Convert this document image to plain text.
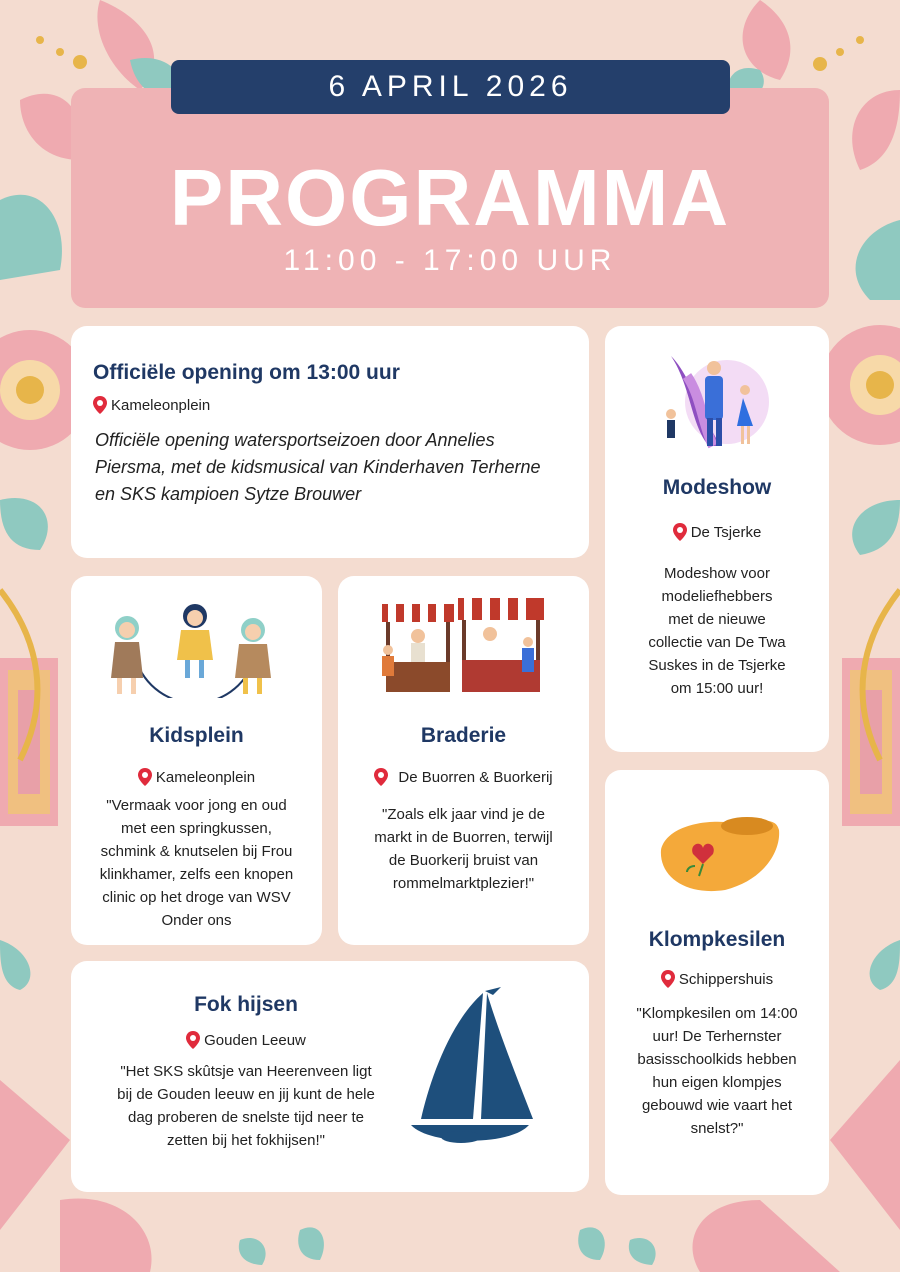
6 APRIL 2026
PROGRAMMA
11:00 - 17:00 UUR
Officiële opening om 13:00 uur
Kameleonplein
Officiële opening watersportseizoen door Annelies Piersma, met de kidsmusical van Kinderhaven Terherne en SKS kampioen Sytze Brouwer	Modeshow
De Tsjerke
Modeshow voor modeliefhebbers met de nieuwe collectie van De Twa Suskes in de Tsjerke om 15:00 uur!
Kidsplein
Kameleonplein
"Vermaak voor jong en oud met een springkussen, schmink & knutselen bij Frou klinkhamer, zelfs een knopen clinic op het droge van WSV Onder ons
Braderie
De Buorren & Buorkerij
"Zoals elk jaar vind je de markt in de Buorren, terwijl de Buorkerij bruist van rommelmarktplezier!"
Klompkesilen
Schippershuis
"Klompkesilen om 14:00 uur! De Terhernster basisschoolkids hebben hun eigen klompjes gebouwd wie vaart het snelst?"
Fok hijsen
Gouden Leeuw
"Het SKS skûtsje van Heerenveen ligt bij de Gouden leeuw en jij kunt de hele dag proberen de snelste tijd neer te zetten bij het fokhijsen!"
